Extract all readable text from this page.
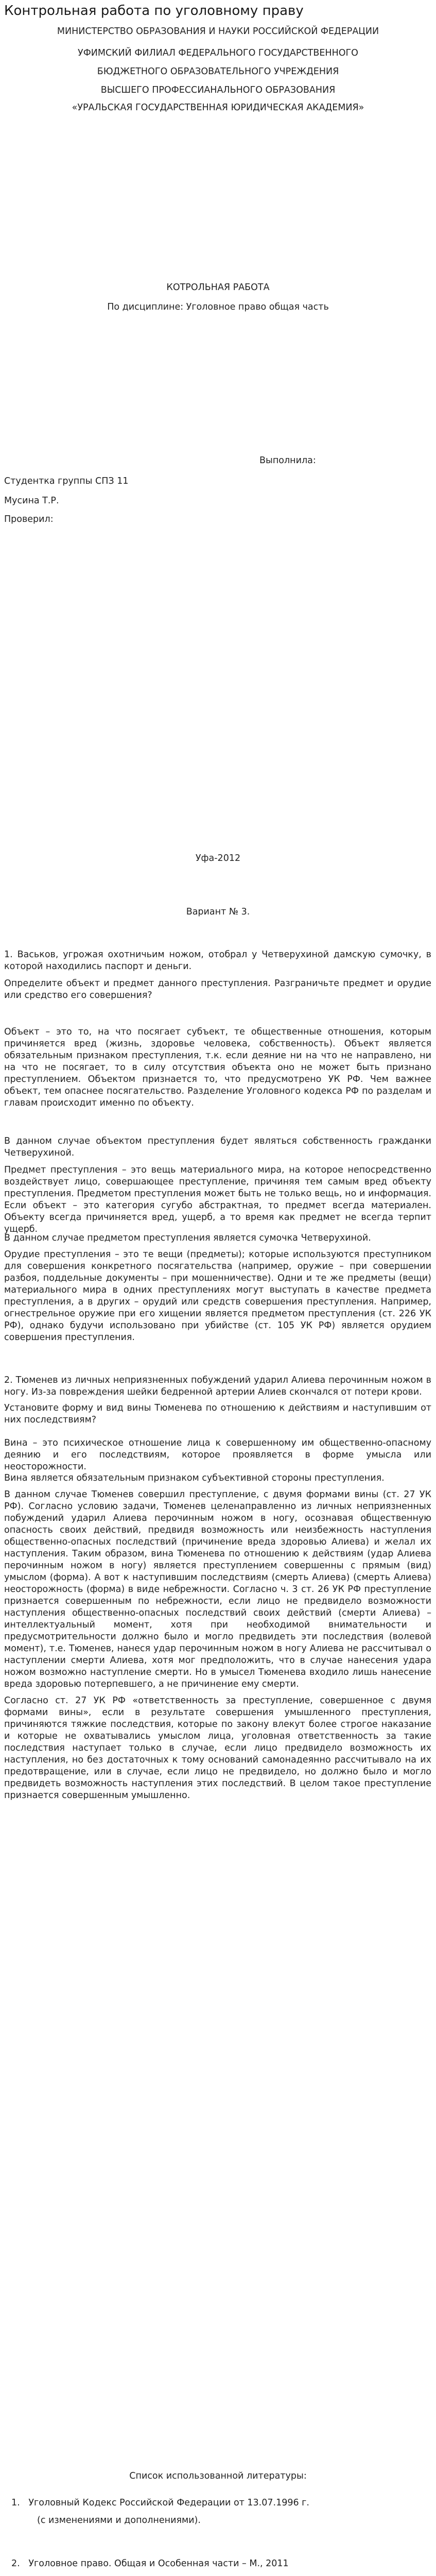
Контрольная работа по уголовному праву
МИНИСТЕРСТВО ОБРАЗОВАНИЯ И НАУКИ РОССИЙСКОЙ ФЕДЕРАЦИИ
УФИМСКИЙ ФИЛИАЛ ФЕДЕРАЛЬНОГО ГОСУДАРСТВЕННОГО
БЮДЖЕТНОГО ОБРАЗОВАТЕЛЬНОГО УЧРЕЖДЕНИЯ
ВЫСШЕГО ПРОФЕССИАНАЛЬНОГО ОБРАЗОВАНИЯ
«УРАЛЬСКАЯ ГОСУДАРСТВЕННАЯ ЮРИДИЧЕСКАЯ АКАДЕМИЯ»
КОТРОЛЬНАЯ РАБОТА
По дисциплине: Уголовное право общая часть
Выполнила:
Студентка группы СПЗ 11
Мусина Т.Р.
Проверил:
Уфа-2012
Вариант № 3.

1. Васьков, угрожая охотничьим ножом, отобрал у Четверухиной дамскую сумочку, в которой находились паспорт и деньги.

Определите объект и предмет данного преступления. Разграничьте предмет и орудие или средство его совершения?

Объект – это то, на что посягает субъект, те общественные отношения, которым причиняется вред (жизнь, здоровье человека, собственность). Объект является обязательным признаком преступления, т.к. если деяние ни на что не направлено, ни на что не посягает, то в силу отсутствия объекта оно не может быть признано преступлением. Объектом признается то, что предусмотрено УК РФ. Чем важнее объект, тем опаснее посягательство. Разделение Уголовного кодекса РФ по разделам и главам происходит именно по объекту.

В данном случае объектом преступления будет являться собственность гражданки Четверухиной.

Предмет преступления – это вещь материального мира, на которое непосредственно воздействует лицо, совершающее преступление, причиняя тем самым вред объекту преступления. Предметом преступления может быть не только вещь, но и информация. Если объект – это категория сугубо абстрактная, то предмет всегда материален. Объекту всегда причиняется вред, ущерб, а то время как предмет не всегда терпит ущерб.

В данном случае предметом преступления является сумочка Четверухиной.

Орудие преступления – это те вещи (предметы); которые используются преступником для совершения конкретного посягательства (например, оружие – при совершении разбоя, поддельные документы – при мошенничестве). Одни и те же предметы (вещи) материального мира в одних преступлениях могут выступать в качестве предмета преступления, а в других – орудий или средств совершения преступления. Например, огнестрельное оружие при его хищении является предметом преступления (ст. 226 УК РФ), однако будучи использовано при убийстве (ст. 105 УК РФ) является орудием совершения преступления.

2. Тюменев из личных неприязненных побуждений ударил Алиева перочинным ножом в ногу. Из-за повреждения шейки бедренной артерии Алиев скончался от потери крови.

Установите форму и вид вины Тюменева по отношению к действиям и наступившим от них последствиям?

Вина – это психическое отношение лица к совершенному им общественно-опасному деянию и его последствиям, которое проявляется в форме умысла или неосторожности.

Вина является обязательным признаком субъективной стороны преступления.

В данном случае Тюменев совершил преступление, с двумя формами вины (ст. 27 УК РФ). Согласно условию задачи, Тюменев целенаправленно из личных неприязненных побуждений ударил Алиева перочинным ножом в ногу, осознавая общественную опасность своих действий, предвидя возможность или неизбежность наступления общественно-опасных последствий (причинение вреда здоровью Алиева) и желал их наступления. Таким образом, вина Тюменева по отношению к действиям (удар Алиева перочинным ножом в ногу) является преступлением совершенны с прямым (вид) умыслом (форма). А вот к наступившим последствиям (смерть Алиева) (смерть Алиева) неосторожность (форма) в виде небрежности. Согласно ч. 3 ст. 26 УК РФ преступление признается совершенным по небрежности, если лицо не предвидело возможности наступления общественно-опасных последствий своих действий (смерти Алиева) – интеллектуальный момент, хотя при необходимой внимательности и предусмотрительности должно было и могло предвидеть эти последствия (волевой момент), т.е. Тюменев, нанеся удар перочинным ножом в ногу Алиева не рассчитывал о наступлении смерти Алиева, хотя мог предположить, что в случае нанесения удара ножом возможно наступление смерти. Но в умысел Тюменева входило лишь нанесение вреда здоровью потерпевшего, а не причинение ему смерти.

Согласно ст. 27 УК РФ «ответственность за преступление, совершенное с двумя формами вины», если в результате совершения умышленного преступления, причиняются тяжкие последствия, которые по закону влекут более строгое наказание и которые не охватывались умыслом лица, уголовная ответственность за такие последствия наступает только в случае, если лицо предвидело возможность их наступления, но без достаточных к тому оснований самонадеянно рассчитывало на их предотвращение, или в случае, если лицо не предвидело, но должно было и могло предвидеть возможность наступления этих последствий. В целом такое преступление признается совершенным умышленно.

Список использованной литературы:
1.   Уголовный Кодекс Российской Федерации от 13.07.1996 г.
(с изменениями и дополнениями).
2.   Уголовное право. Общая и Особенная части – М., 2011
